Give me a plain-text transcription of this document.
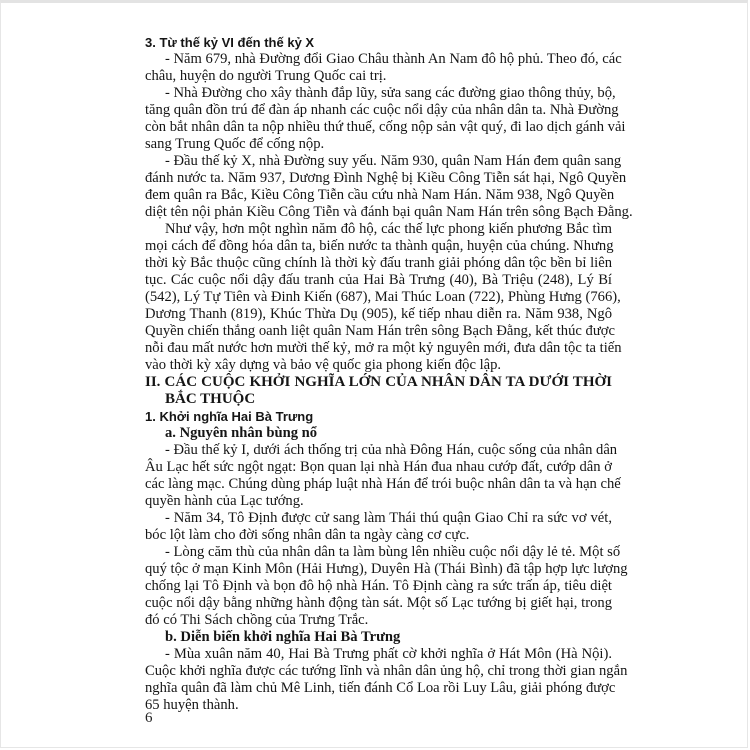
3. Từ thế kỷ VI đến thế kỷ X
- Năm 679, nhà Đường đổi Giao Châu thành An Nam đô hộ phủ. Theo đó, các
châu, huyện do người Trung Quốc cai trị.
- Nhà Đường cho xây thành đắp lũy, sửa sang các đường giao thông thủy, bộ,
tăng quân đồn trú để đàn áp nhanh các cuộc nổi dậy của nhân dân ta. Nhà Đường
còn bắt nhân dân ta nộp nhiều thứ thuế, cống nộp sản vật quý, đi lao dịch gánh vải
sang Trung Quốc để cống nộp.
- Đầu thế kỷ X, nhà Đường suy yếu. Năm 930, quân Nam Hán đem quân sang
đánh nước ta. Năm 937, Dương Đình Nghệ bị Kiều Công Tiễn sát hại, Ngô Quyền
đem quân ra Bắc, Kiều Công Tiễn cầu cứu nhà Nam Hán. Năm 938, Ngô Quyền
diệt tên nội phản Kiều Công Tiễn và đánh bại quân Nam Hán trên sông Bạch Đằng.
Như vậy, hơn một nghìn năm đô hộ, các thế lực phong kiến phương Bắc tìm
mọi cách để đồng hóa dân ta, biến nước ta thành quận, huyện của chúng. Nhưng
thời kỳ Bắc thuộc cũng chính là thời kỳ đấu tranh giải phóng dân tộc bền bỉ liên
tục. Các cuộc nổi dậy đấu tranh của Hai Bà Trưng (40), Bà Triệu (248), Lý Bí
(542), Lý Tự Tiên và Đinh Kiến (687), Mai Thúc Loan (722), Phùng Hưng (766),
Dương Thanh (819), Khúc Thừa Dụ (905), kế tiếp nhau diễn ra. Năm 938, Ngô
Quyền chiến thắng oanh liệt quân Nam Hán trên sông Bạch Đằng, kết thúc được
nỗi đau mất nước hơn mười thế kỷ, mở ra một kỷ nguyên mới, đưa dân tộc ta tiến
vào thời kỳ xây dựng và bảo vệ quốc gia phong kiến độc lập.
II. CÁC CUỘC KHỞI NGHĨA LỚN CỦA NHÂN DÂN TA DƯỚI THỜI
BẮC THUỘC
1. Khởi nghĩa Hai Bà Trưng
a. Nguyên nhân bùng nổ
- Đầu thế kỷ I, dưới ách thống trị của nhà Đông Hán, cuộc sống của nhân dân
Âu Lạc hết sức ngột ngạt: Bọn quan lại nhà Hán đua nhau cướp đất, cướp dân ở
các làng mạc. Chúng dùng pháp luật nhà Hán để trói buộc nhân dân ta và hạn chế
quyền hành của Lạc tướng.
- Năm 34, Tô Định được cử sang làm Thái thú quận Giao Chỉ ra sức vơ vét,
bóc lột làm cho đời sống nhân dân ta ngày càng cơ cực.
- Lòng căm thù của nhân dân ta làm bùng lên nhiều cuộc nổi dậy lẻ tẻ. Một số
quý tộc ở mạn Kinh Môn (Hải Hưng), Duyên Hà (Thái Bình) đã tập hợp lực lượng
chống lại Tô Định và bọn đô hộ nhà Hán. Tô Định càng ra sức trấn áp, tiêu diệt
cuộc nổi dậy bằng những hành động tàn sát. Một số Lạc tướng bị giết hại, trong
đó có Thi Sách chồng của Trưng Trắc.
b. Diễn biến khởi nghĩa Hai Bà Trưng
- Mùa xuân năm 40, Hai Bà Trưng phất cờ khởi nghĩa ở Hát Môn (Hà Nội).
Cuộc khởi nghĩa được các tướng lĩnh và nhân dân ủng hộ, chỉ trong thời gian ngắn
nghĩa quân đã làm chủ Mê Linh, tiến đánh Cổ Loa rồi Luy Lâu, giải phóng được
65 huyện thành.
6
